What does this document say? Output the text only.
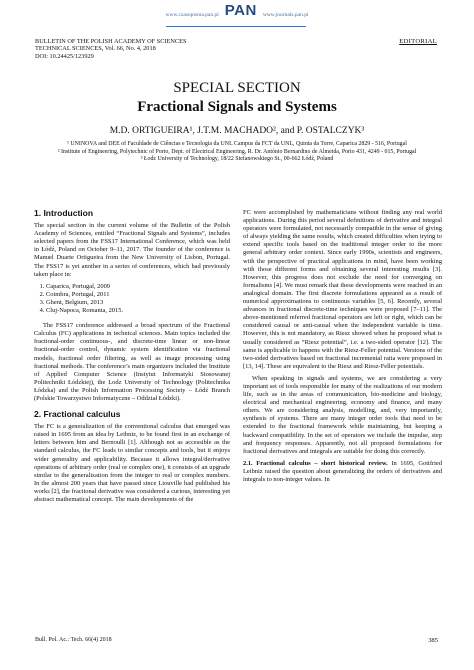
www.czasopisma.pan.pl PAN www.journals.pan.pl
BULLETIN OF THE POLISH ACADEMY OF SCIENCES
TECHNICAL SCIENCES, Vol. 66, No. 4, 2018
DOI: 10.24425/123929
EDITORIAL
SPECIAL SECTION
Fractional Signals and Systems
M.D. ORTIGUEIRA¹, J.T.M. MACHADO², and P. OSTALCZYK³
¹ UNINOVA and DEE of Faculdade de Ciências e Tecnologia da UNL Campus da FCT da UNL, Quinta da Torre, Caparica 2829 - 516, Portugal
² Institute of Engineering, Polytechnic of Porto, Dept. of Electrical Engineering, R. Dr. António Bernardino de Almeida, Porto 431, 4249 - 015, Portugal
³ Łodz University of Technology, 18/22 Stefanowskiego St., 00-662 Łódź, Poland
1. Introduction

The special section in the current volume of the Bulletin of the Polish Academy of Sciences, entitled “Fractional Signals and Systems”, includes selected papers from the FSS17 International Conference, which was held in Łódź, Poland on October 9–11, 2017. The founder of the conference is Manuel Duarte Ortigueira from the New University of Lisbon, Portugal. The FSS17 is yet another in a series of conferences, which had previously taken place in:

1. Caparica, Portugal, 2009
2. Coimbra, Portugal, 2011
3. Ghent, Belgium, 2013
4. Cluj-Napoca, Romania, 2015.

The FSS17 conference addressed a broad spectrum of the Fractional Calculus (FC) applications in technical sciences. Main topics included the fractional-order continuous-, and discrete-time linear or non-linear fractional-order control, dynamic system identification via fractional models, fractional order filtering, as well as image processing using fractional methods. The conference’s main organizers included the Institute of Applied Computer Science (Instytut Informatyki Stosowanej Politechniki Łódzkiej), the Lodz University of Technology (Politechnika Łódzka) and the Polish Information Processing Society – Łódź Branch (Polskie Towarzystwo Informatyczne – Oddział Łódzki).

2. Fractional calculus

The FC is a generalization of the conventional calculus that emerged was raised in 1695 from an idea by Leibniz, to be found first in an exchange of letters between him and Bernoulli [1]. Although not as accessible as the standard calculus, the FC leads to similar concepts and tools, but it enjoys wider generality and applicability. Because it allows integral/derivative operations of arbitrary order (real or complex one), it consists of an upgrade similar to the generalization from the integer to real or complex numbers. In the almost 200 years that have passed since Liouville had published his works [2], the fractional derivative was considered a curious, interesting yet abstract mathematical concept. The main developments of the

FC were accomplished by mathematicians without finding any real world applications. During this period several definitions of derivative and integral operators were formulated, not necessarily compatible in the sense of giving of always yielding the same results, which created difficulties when trying to extend specific tools based on the traditional integer order to the more general arbitrary order context. Since early 1990s, scientists and engineers, with the perspective of practical applications in mind, have been working with those different forms and obtaining several interesting results [3]. However, this progress does not exclude the need for converging on formalisms [4]. We must remark that these developments were reached in an analogical domain. The first discrete formulations appeared as a result of numerical approximations to continuous variables [5, 6]. Recently, several advances in fractional discrete-time techniques were proposed [7–11]. The above-mentioned referred fractional operators are left or right, which can be considered causal or anti-causal when the independent variable is time. However, this is not mandatory, as Riesz showed when he proposed what is usually considered as “Riesz potential”, i.e. a two-sided operator [12]. The same is applicable to happens with the Riesz-Feller potential. Versions of the two-sided derivatives based on fractional incremental ratia were proposed in [13, 14]. These are equivalent to the Riesz and Riesz-Feller potentials.

When speaking in signals and systems, we are considering a very important set of tools responsible for many of the realizations of our modern life, such as in the areas of communication, bio-medicine and biology, electrical and mechanical engineering, economy and finance, and many others. We are considering analysis, modelling, and, very importantly, synthesis of systems. There are many integer order tools that need to be extended to the fractional framework while maintaining, but keeping a backward compatibility. In the set of operators we include the impulse, step and frequency responses. Apparently, not all proposed formulations for fractional derivatives and integrals are suitable for doing this correctly.

2.1. Fractional calculus – short historical review. In 1695, Gottfried Leibniz raised the question about generalizing the orders of derivatives and integrals to non-integer values. In

Bull. Pol. Ac.: Tech. 66(4) 2018	385
